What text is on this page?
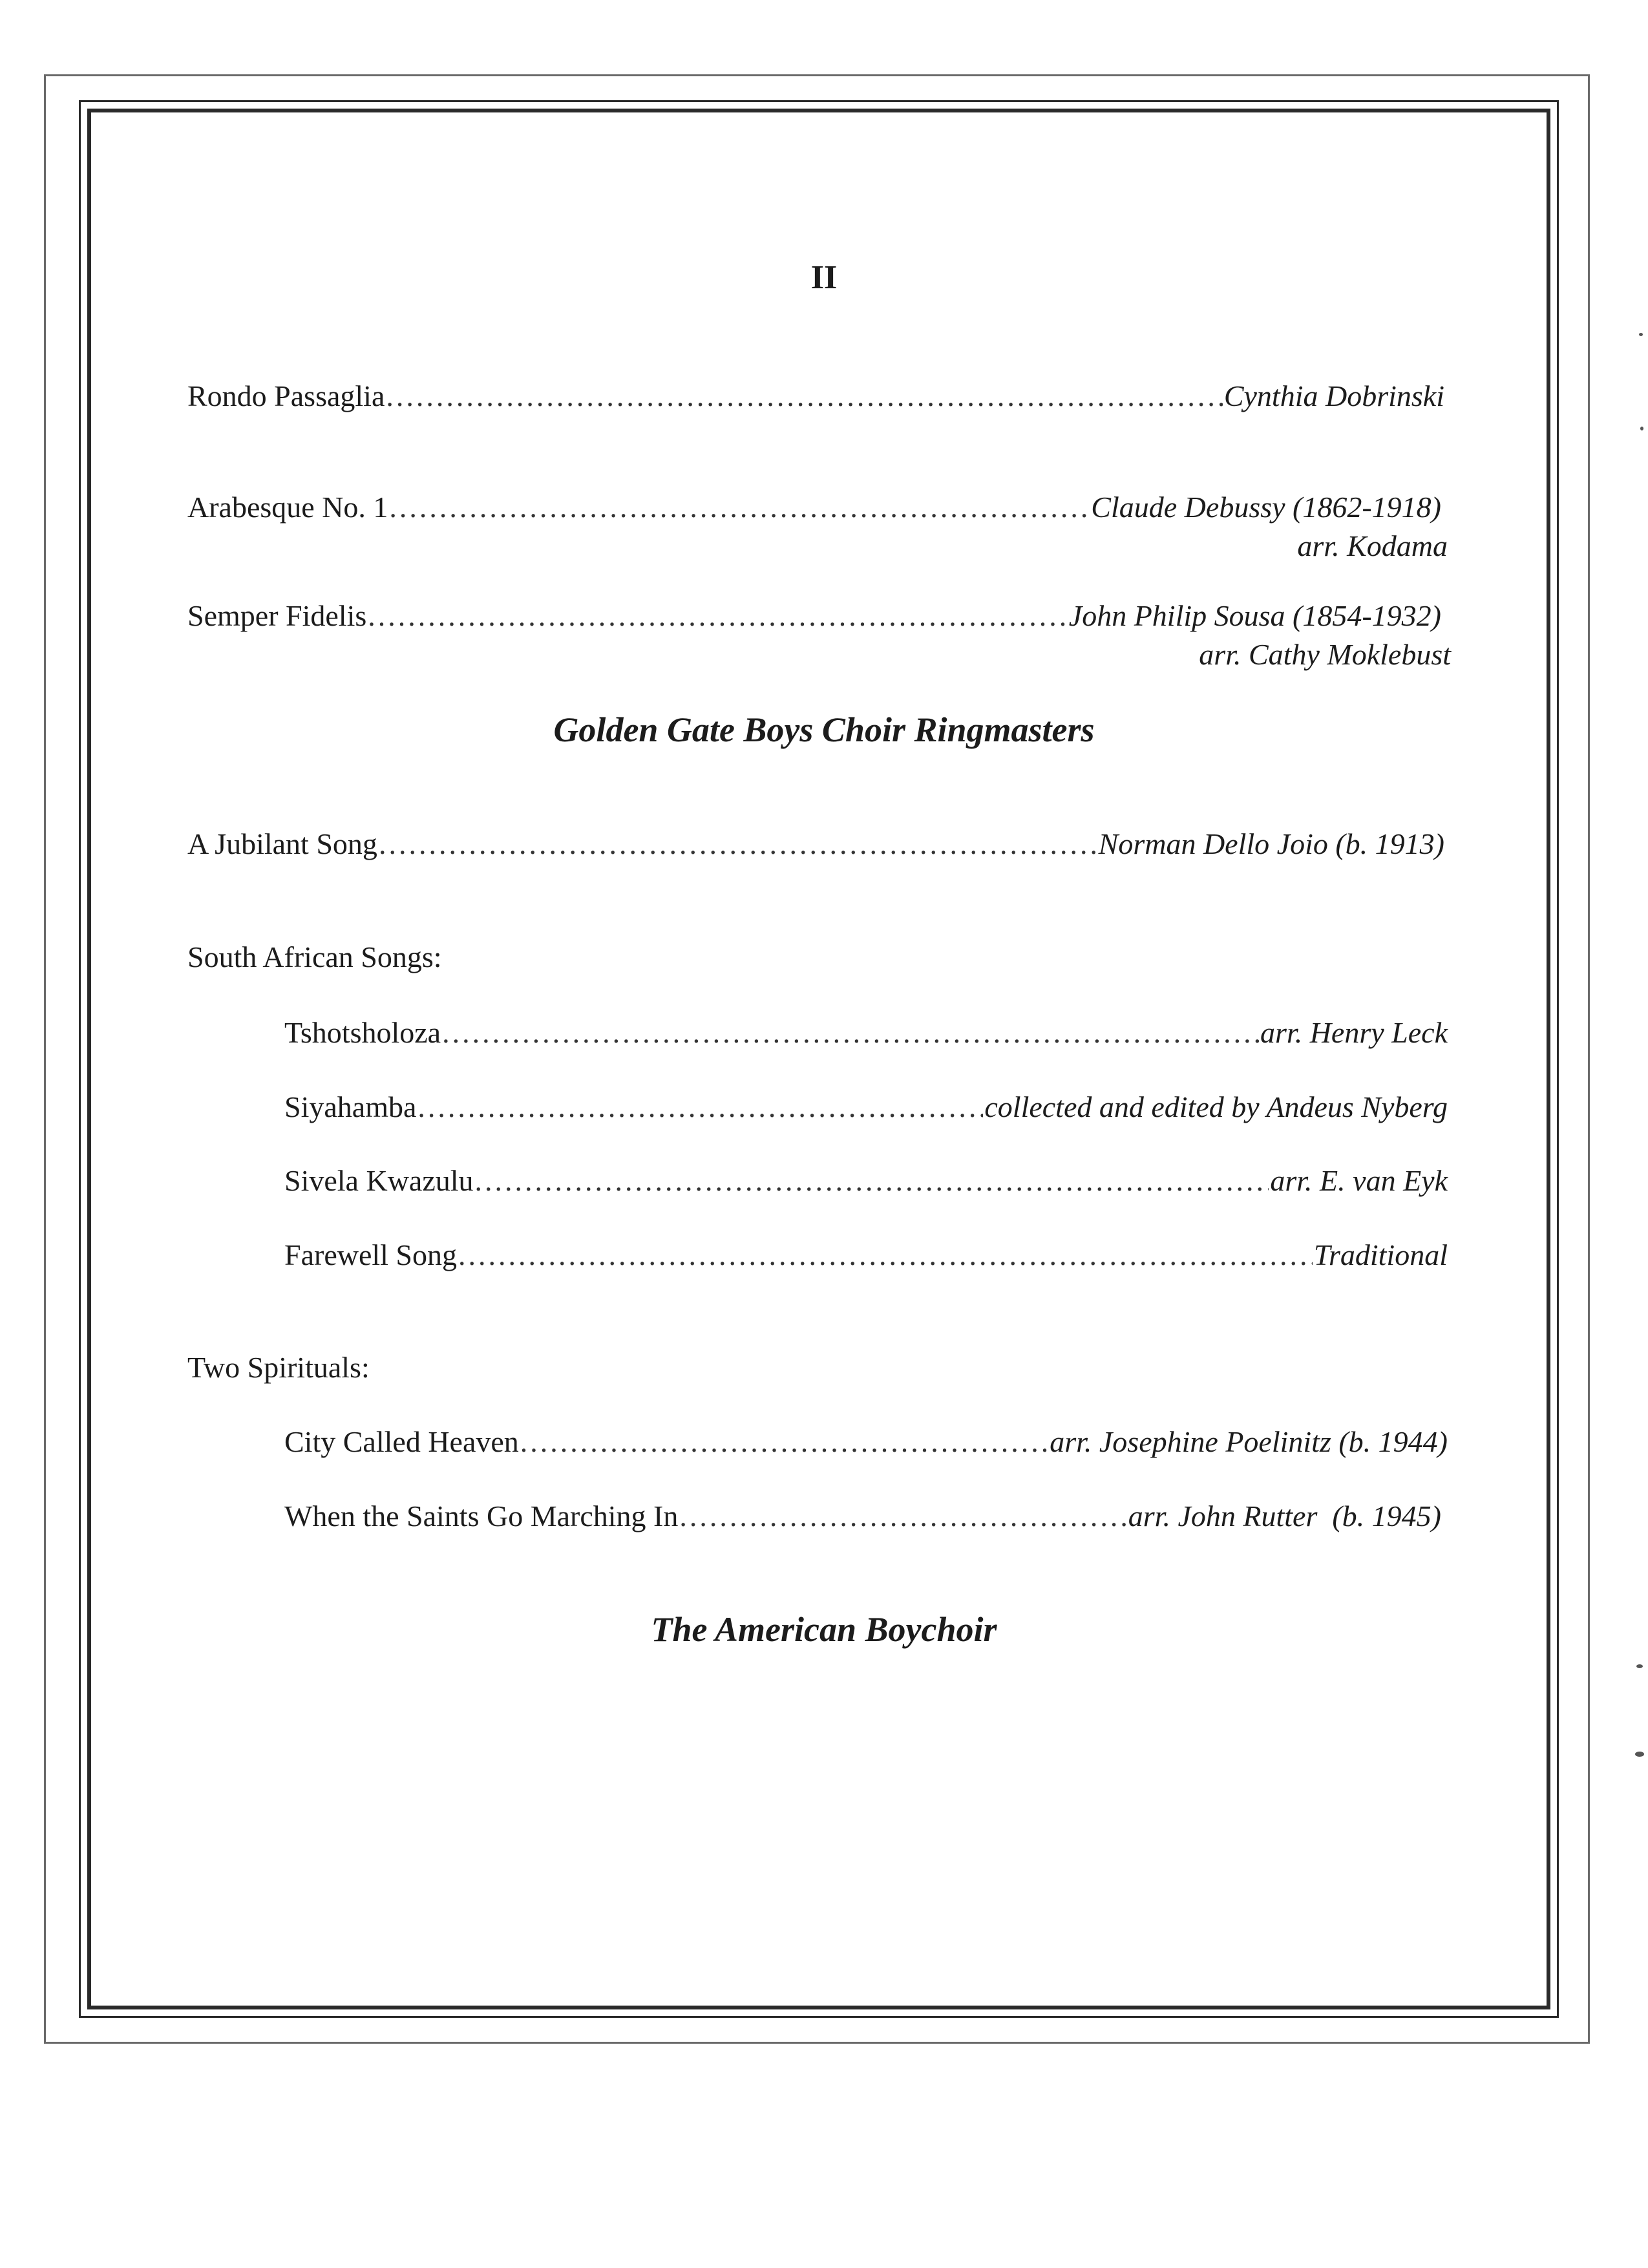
II
Rondo Passaglia .....	Cynthia Dobrinski
Arabesque No. 1 .....	Claude Debussy (1862-1918)
arr. Kodama
Semper Fidelis .....	John Philip Sousa (1854-1932)
arr. Cathy Moklebust
Golden Gate Boys Choir Ringmasters
A Jubilant Song .....	Norman Dello Joio (b. 1913)
South African Songs:
Tshotsholoza .....	arr. Henry Leck
Siyahamba .....	collected and edited by Andeus Nyberg
Sivela Kwazulu .....	arr. E. van Eyk
Farewell Song .....	Traditional
Two Spirituals:
City Called Heaven .....	arr. Josephine Poelinitz (b. 1944)
When the Saints Go Marching In .....	arr. John Rutter  (b. 1945)
The American Boychoir
